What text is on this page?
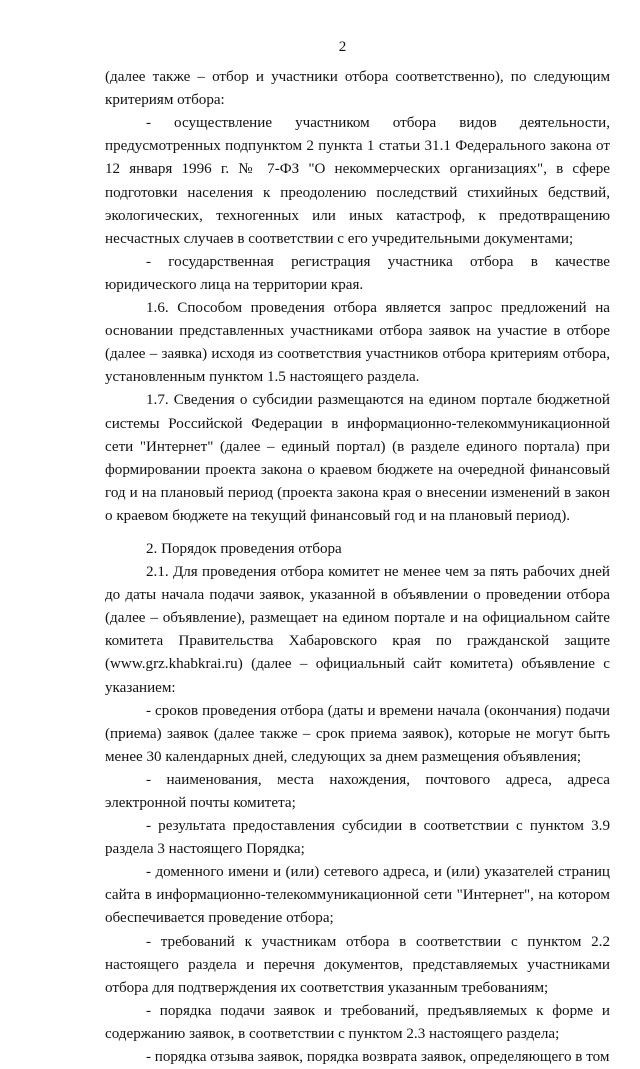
2

(далее также – отбор и участники отбора соответственно), по следующим критериям отбора:

- осуществление участником отбора видов деятельности, предусмотренных подпунктом 2 пункта 1 статьи 31.1 Федерального закона от 12 января 1996 г. № 7-ФЗ "О некоммерческих организациях", в сфере подготовки населения к преодолению последствий стихийных бедствий, экологических, техногенных или иных катастроф, к предотвращению несчастных случаев в соответствии с его учредительными документами;

- государственная регистрация участника отбора в качестве юридического лица на территории края.

1.6. Способом проведения отбора является запрос предложений на основании представленных участниками отбора заявок на участие в отборе (далее – заявка) исходя из соответствия участников отбора критериям отбора, установленным пунктом 1.5 настоящего раздела.

1.7. Сведения о субсидии размещаются на едином портале бюджетной системы Российской Федерации в информационно-телекоммуникационной сети "Интернет" (далее – единый портал) (в разделе единого портала) при формировании проекта закона о краевом бюджете на очередной финансовый год и на плановый период (проекта закона края о внесении изменений в закон о краевом бюджете на текущий финансовый год и на плановый период).

2. Порядок проведения отбора

2.1. Для проведения отбора комитет не менее чем за пять рабочих дней до даты начала подачи заявок, указанной в объявлении о проведении отбора (далее – объявление), размещает на едином портале и на официальном сайте комитета Правительства Хабаровского края по гражданской защите (www.grz.khabkrai.ru) (далее – официальный сайт комитета) объявление с указанием:

- сроков проведения отбора (даты и времени начала (окончания) подачи (приема) заявок (далее также – срок приема заявок), которые не могут быть менее 30 календарных дней, следующих за днем размещения объявления;

- наименования, места нахождения, почтового адреса, адреса электронной почты комитета;

- результата предоставления субсидии в соответствии с пунктом 3.9 раздела 3 настоящего Порядка;

- доменного имени и (или) сетевого адреса, и (или) указателей страниц сайта в информационно-телекоммуникационной сети "Интернет", на котором обеспечивается проведение отбора;

- требований к участникам отбора в соответствии с пунктом 2.2 настоящего раздела и перечня документов, представляемых участниками отбора для подтверждения их соответствия указанным требованиям;

- порядка подачи заявок и требований, предъявляемых к форме и содержанию заявок, в соответствии с пунктом 2.3 настоящего раздела;

- порядка отзыва заявок, порядка возврата заявок, определяющего в том
